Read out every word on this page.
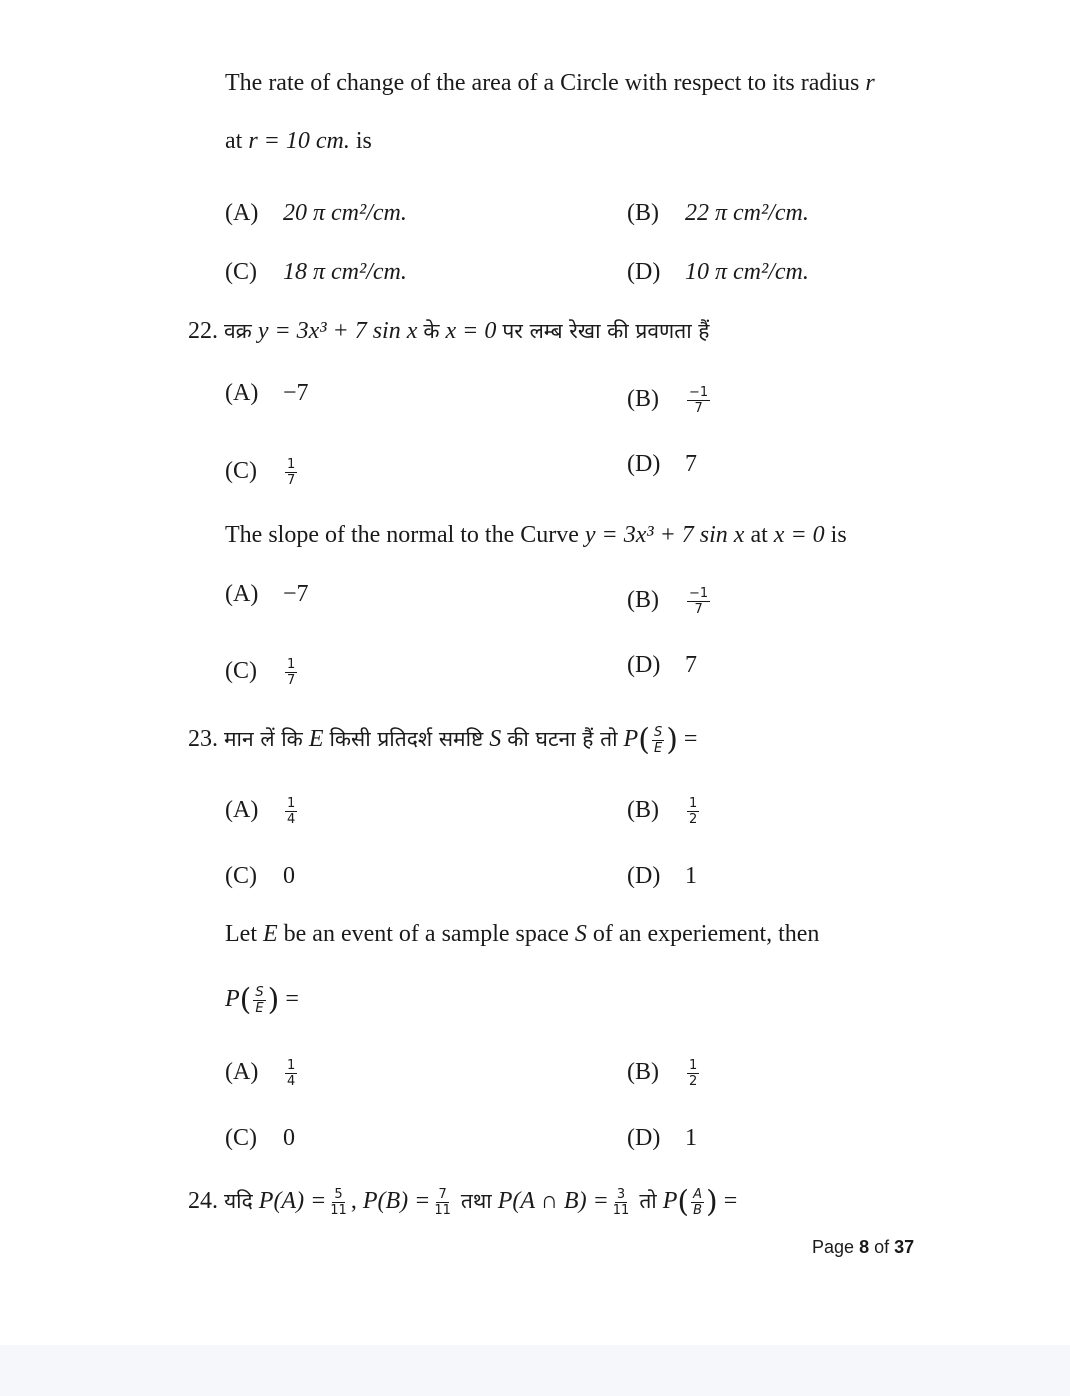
The rate of change of the area of a Circle with respect to its radius r
at r = 10 cm. is
(A) 20 π cm²/cm.	(B) 22 π cm²/cm.
(C) 18 π cm²/cm.	(D) 10 π cm²/cm.
22. वक्र y = 3x³ + 7 sin x के x = 0 पर लम्ब रेखा की प्रवणता हैं
(A) −7	$(B) \frac{-1}{7}$
$(C) \frac{1}{7}$	(D) 7
The slope of the normal to the Curve y = 3x³ + 7 sin x at x = 0 is
(A) −7	$(B) \frac{-1}{7}$
$(C) \frac{1}{7}$	(D) 7
23. मान लें कि E किसी प्रतिदर्श समष्टि S की घटना हैं तो $P( \frac{S}{E}$ ) =
$(A) \frac{1}{4}$	$(B) \frac{1}{2}$
(C) 0	(D) 1
Let E be an event of a sample space S of an experiement, then
$P( \frac{S}{E}$ ) =
$(A) \frac{1}{4}$	$(B) \frac{1}{2}$
(C) 0	(D) 1
24. यदि $P(A) = \frac{5}{11}$ , $P(B) = \frac{7}{11}$ तथा P(A ∩ $B) = \frac{3}{11}$ तो $P( \frac{A}{B}$ ) =
Page 8 of 37
